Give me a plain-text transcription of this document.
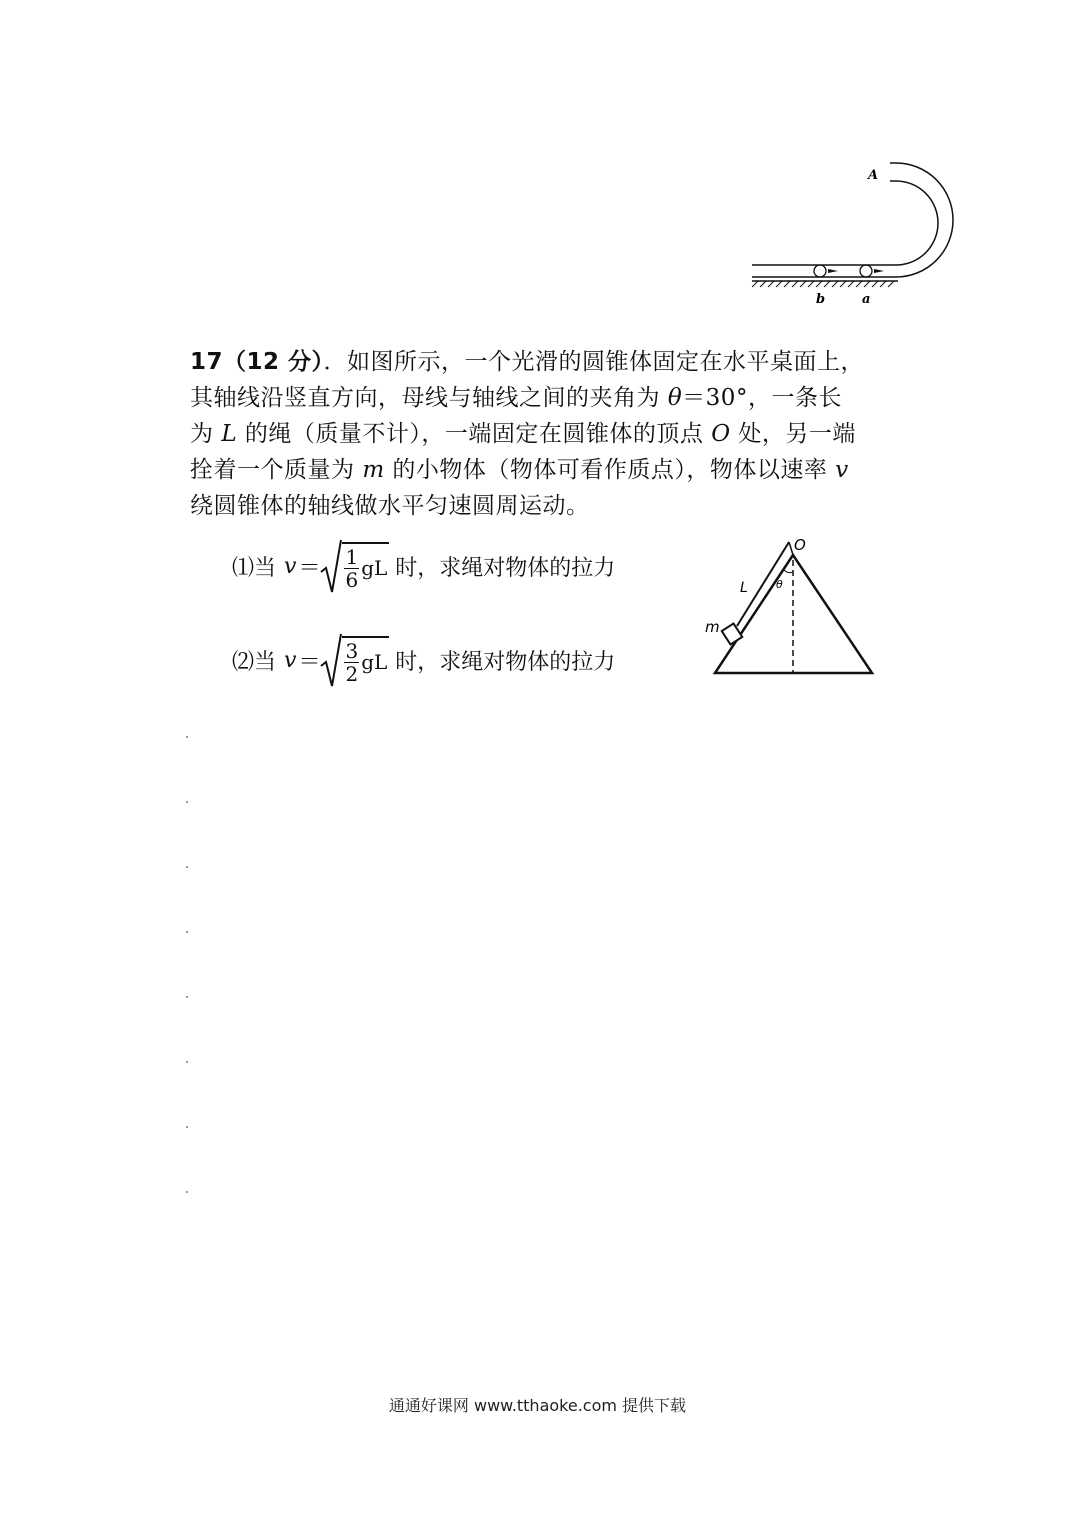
A
b	a
17（12 分）．如图所示，一个光滑的圆锥体固定在水平桌面上，
其轴线沿竖直方向，母线与轴线之间的夹角为 θ＝30°，一条长
为 L 的绳（质量不计），一端固定在圆锥体的顶点 O 处，另一端
拴着一个质量为 m 的小物体（物体可看作质点），物体以速率 v
绕圆锥体的轴线做水平匀速圆周运动。
⑴当 $v = \frac{1}{6}$ gL 时，求绳对物体的拉力
⑵当 $v = \frac{3}{2}$ gL 时，求绳对物体的拉力
O
L	θ
m
通通好课网 www.tthaoke.com 提供下载
